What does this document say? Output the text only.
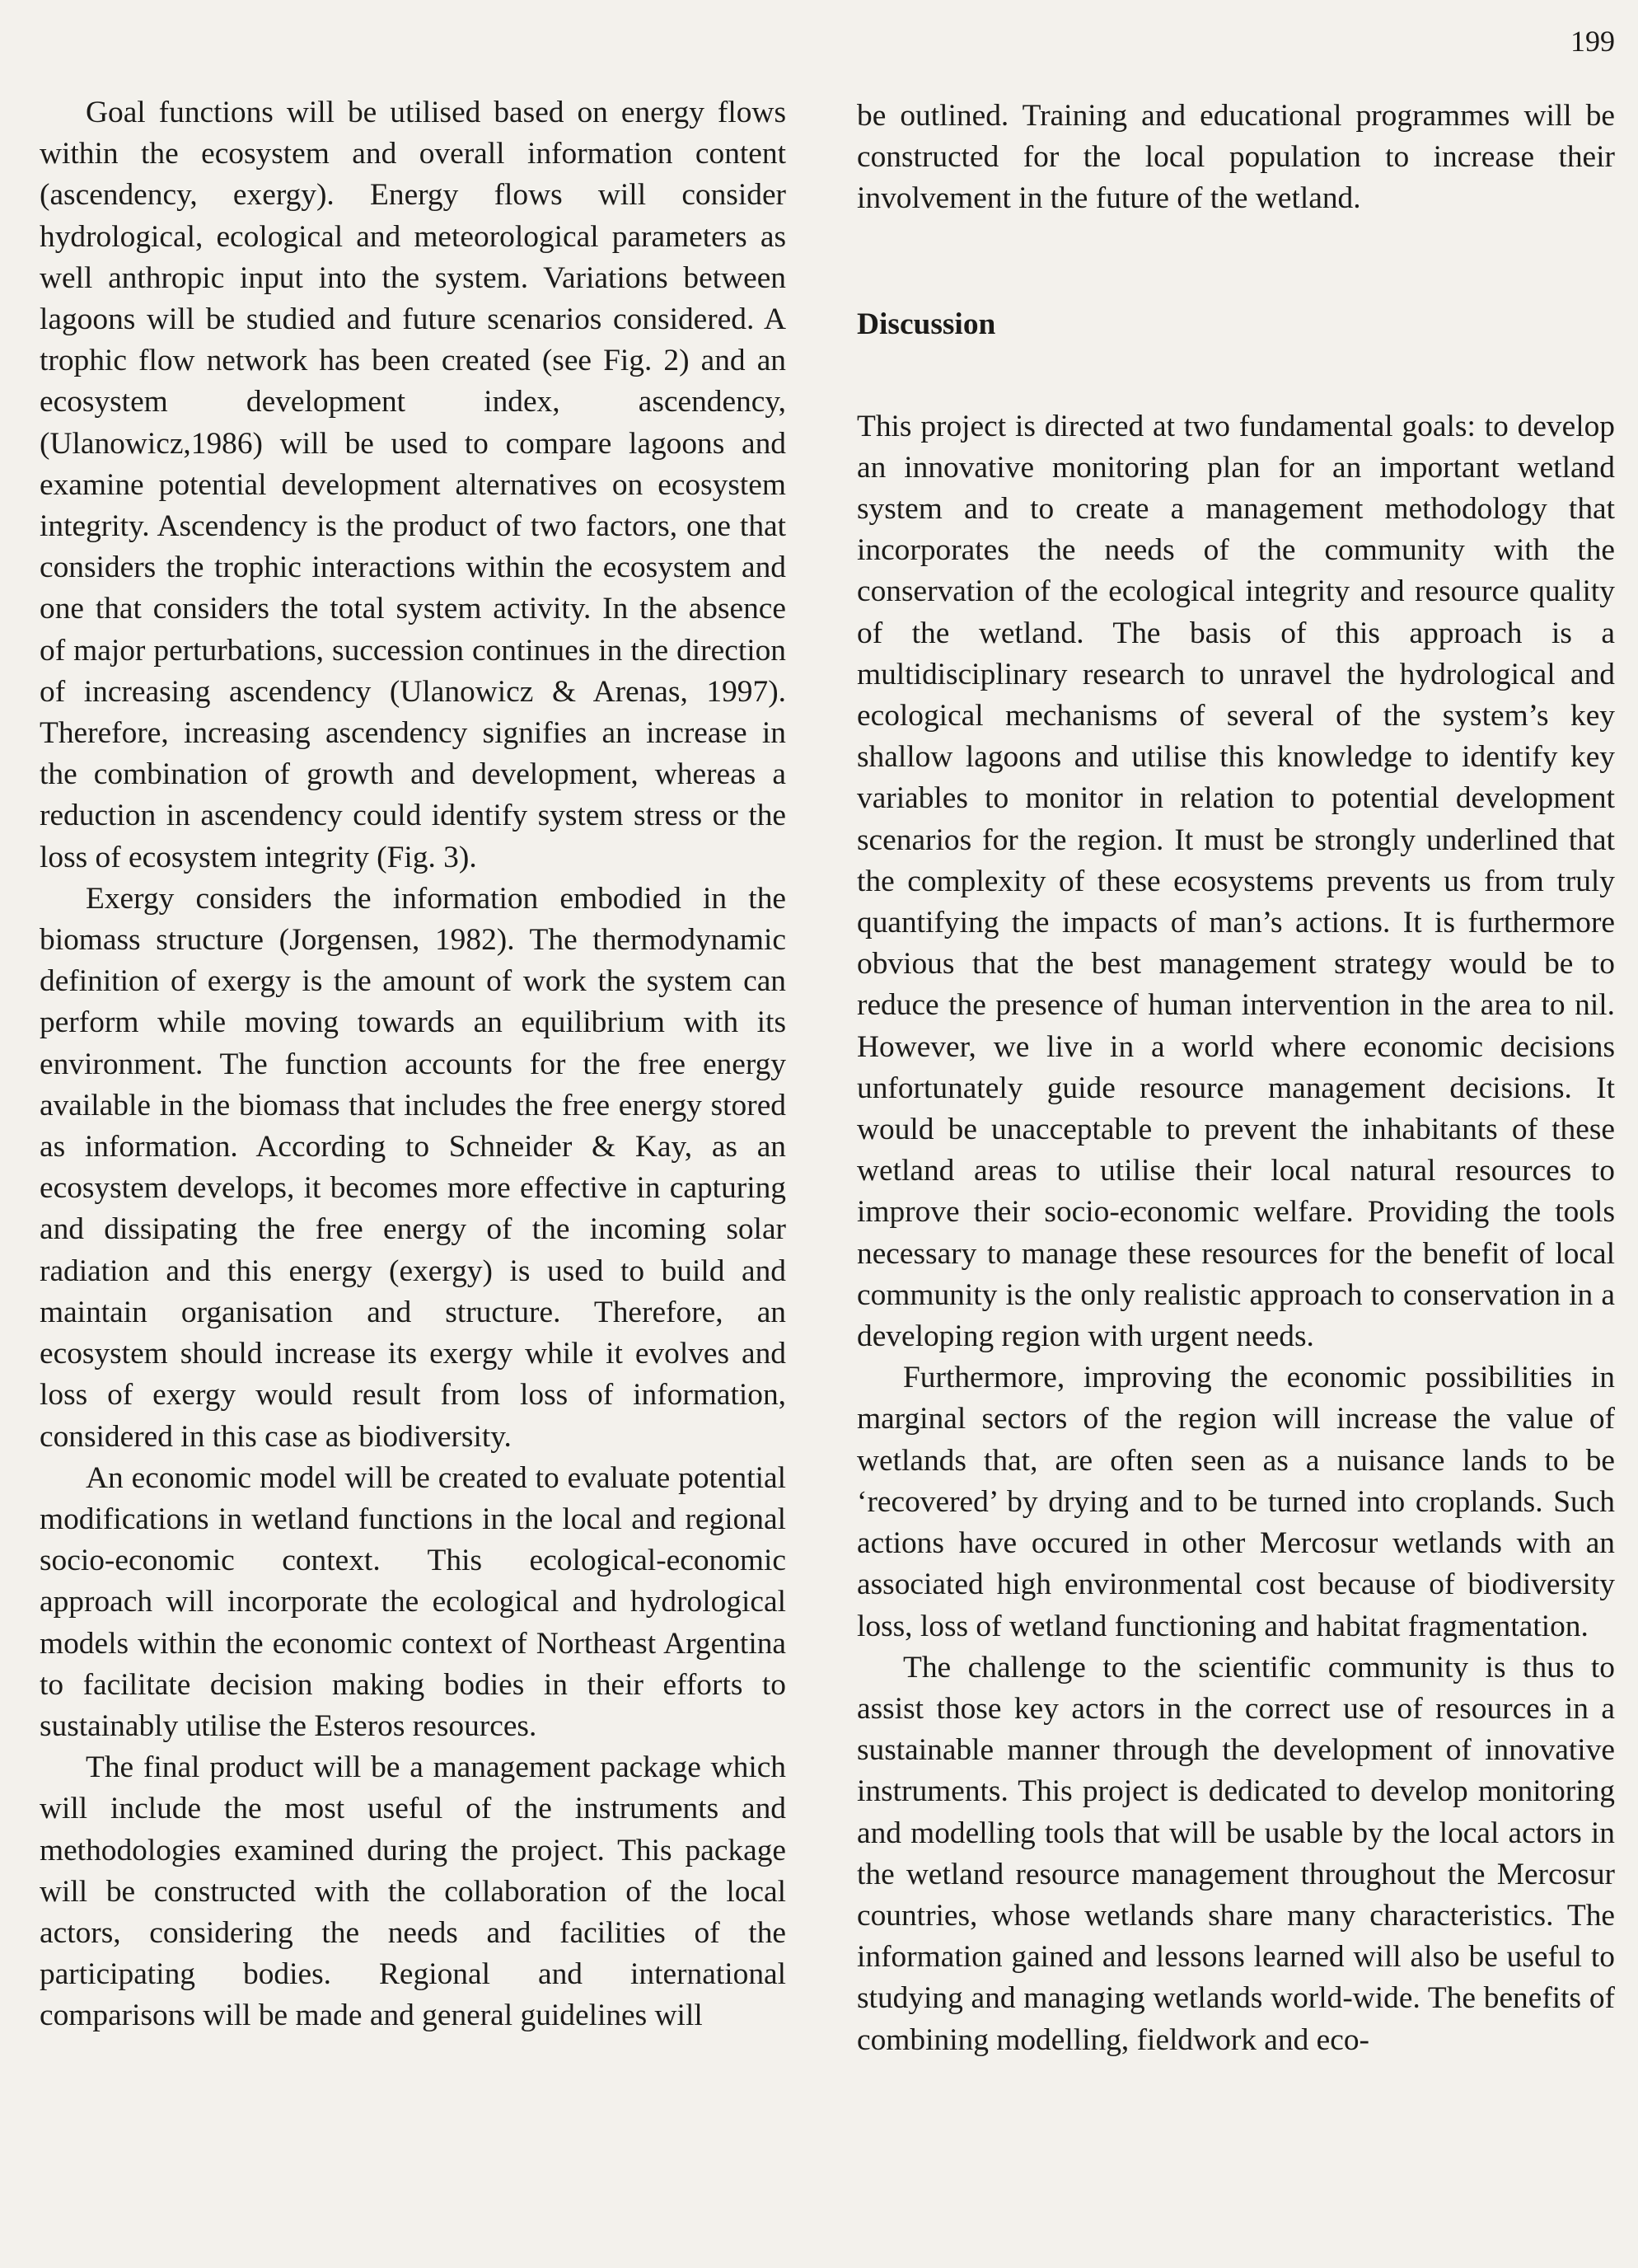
199

Goal functions will be utilised based on energy flows within the ecosystem and overall information content (ascendency, exergy). Energy flows will consider hydrological, ecological and meteorological parameters as well anthropic input into the system. Variations between lagoons will be studied and future scenarios considered. A trophic flow network has been created (see Fig. 2) and an ecosystem development index, ascendency, (Ulanowicz,1986) will be used to compare lagoons and examine potential development alternatives on ecosystem integrity. Ascendency is the product of two factors, one that considers the trophic interactions within the ecosystem and one that considers the total system activity. In the absence of major perturbations, succession continues in the direction of increasing ascendency (Ulanowicz & Arenas, 1997). Therefore, increasing ascendency signifies an increase in the combination of growth and development, whereas a reduction in ascendency could identify system stress or the loss of ecosystem integrity (Fig. 3).

Exergy considers the information embodied in the biomass structure (Jorgensen, 1982). The thermodynamic definition of exergy is the amount of work the system can perform while moving towards an equilibrium with its environment. The function accounts for the free energy available in the biomass that includes the free energy stored as information. According to Schneider & Kay, as an ecosystem develops, it becomes more effective in capturing and dissipating the free energy of the incoming solar radiation and this energy (exergy) is used to build and maintain organisation and structure. Therefore, an ecosystem should increase its exergy while it evolves and loss of exergy would result from loss of information, considered in this case as biodiversity.

An economic model will be created to evaluate potential modifications in wetland functions in the local and regional socio-economic context. This ecological-economic approach will incorporate the ecological and hydrological models within the economic context of Northeast Argentina to facilitate decision making bodies in their efforts to sustainably utilise the Esteros resources.

The final product will be a management package which will include the most useful of the instruments and methodologies examined during the project. This package will be constructed with the collaboration of the local actors, considering the needs and facilities of the participating bodies. Regional and international comparisons will be made and general guidelines will

be outlined. Training and educational programmes will be constructed for the local population to increase their involvement in the future of the wetland.

Discussion

This project is directed at two fundamental goals: to develop an innovative monitoring plan for an important wetland system and to create a management methodology that incorporates the needs of the community with the conservation of the ecological integrity and resource quality of the wetland. The basis of this approach is a multidisciplinary research to unravel the hydrological and ecological mechanisms of several of the system’s key shallow lagoons and utilise this knowledge to identify key variables to monitor in relation to potential development scenarios for the region. It must be strongly underlined that the complexity of these ecosystems prevents us from truly quantifying the impacts of man’s actions. It is furthermore obvious that the best management strategy would be to reduce the presence of human intervention in the area to nil. However, we live in a world where economic decisions unfortunately guide resource management decisions. It would be unacceptable to prevent the inhabitants of these wetland areas to utilise their local natural resources to improve their socio-economic welfare. Providing the tools necessary to manage these resources for the benefit of local community is the only realistic approach to conservation in a developing region with urgent needs.

Furthermore, improving the economic possibilities in marginal sectors of the region will increase the value of wetlands that, are often seen as a nuisance lands to be ‘recovered’ by drying and to be turned into croplands. Such actions have occured in other Mercosur wetlands with an associated high environmental cost because of biodiversity loss, loss of wetland functioning and habitat fragmentation.

The challenge to the scientific community is thus to assist those key actors in the correct use of resources in a sustainable manner through the development of innovative instruments. This project is dedicated to develop monitoring and modelling tools that will be usable by the local actors in the wetland resource management throughout the Mercosur countries, whose wetlands share many characteristics. The information gained and lessons learned will also be useful to studying and managing wetlands world-wide. The benefits of combining modelling, fieldwork and eco-
